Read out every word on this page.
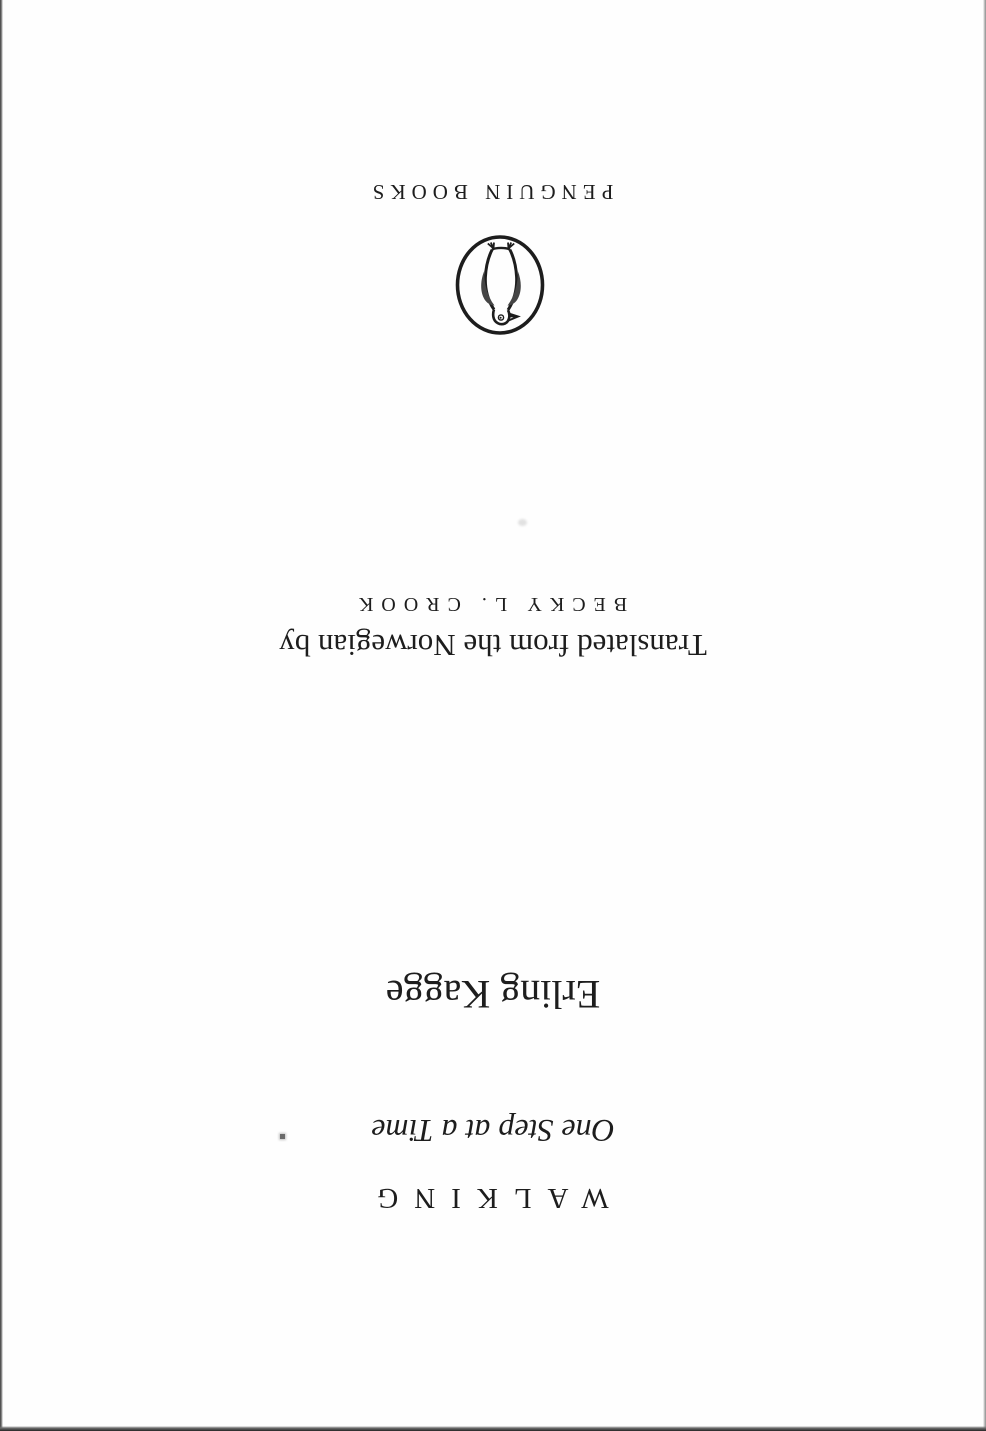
PENGUIN BOOKS
BECKY L. CROOK
Translated from the Norwegian by
Erling Kagge
One Step at a Time
WALKING
